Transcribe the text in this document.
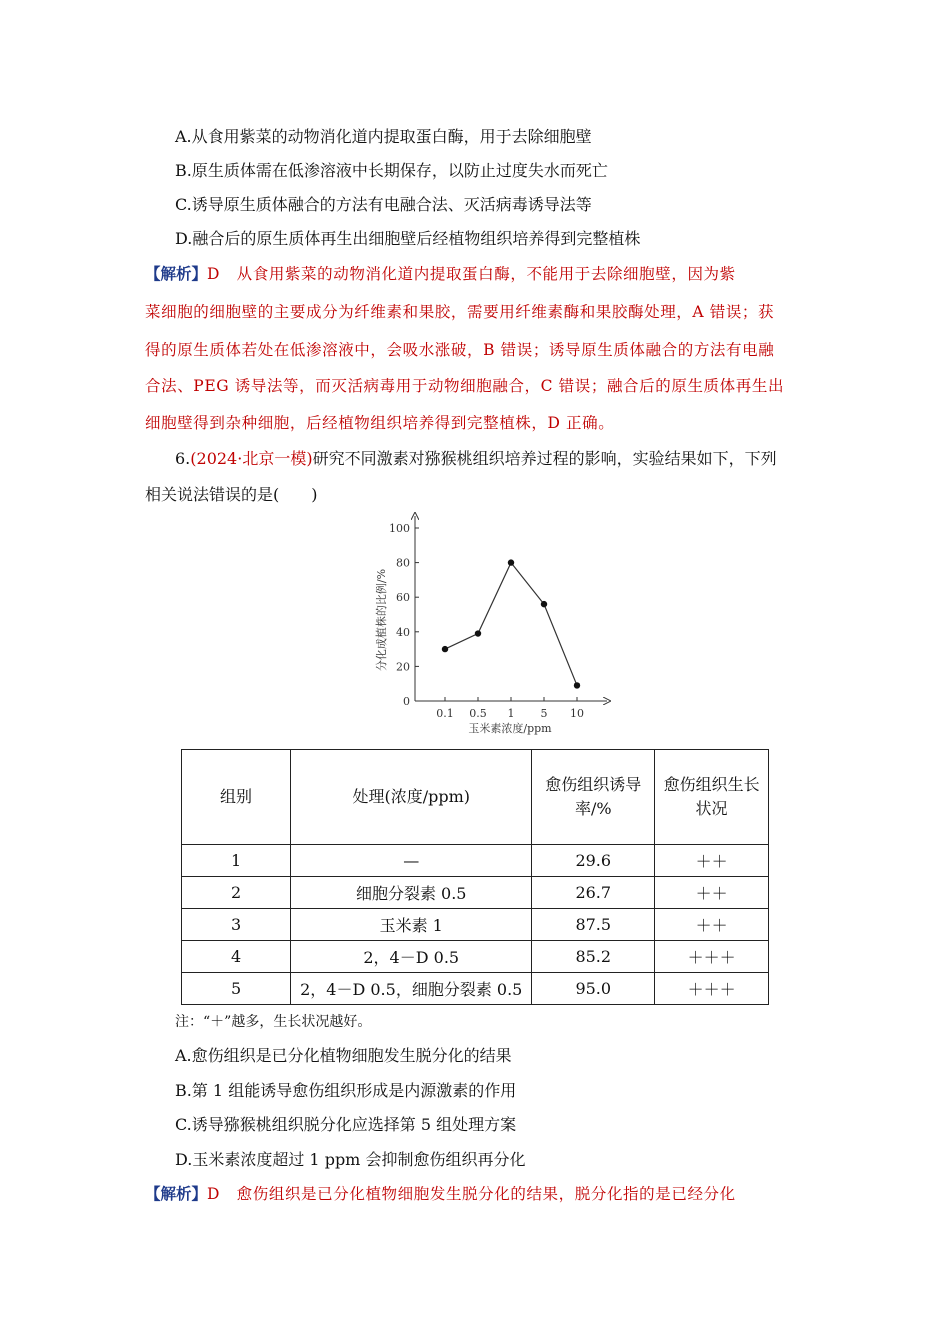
A.从食用紫菜的动物消化道内提取蛋白酶，用于去除细胞壁
B.原生质体需在低渗溶液中长期保存，以防止过度失水而死亡
C.诱导原生质体融合的方法有电融合法、灭活病毒诱导法等
D.融合后的原生质体再生出细胞壁后经植物组织培养得到完整植株
【解析】D 从食用紫菜的动物消化道内提取蛋白酶，不能用于去除细胞壁，因为紫
菜细胞的细胞壁的主要成分为纤维素和果胶，需要用纤维素酶和果胶酶处理，A 错误；获
得的原生质体若处在低渗溶液中，会吸水涨破，B 错误；诱导原生质体融合的方法有电融
合法、PEG 诱导法等，而灭活病毒用于动物细胞融合，C 错误；融合后的原生质体再生出
细胞壁得到杂种细胞，后经植物组织培养得到完整植株，D 正确。
6.(2024·北京一模)研究不同激素对猕猴桃组织培养过程的影响，实验结果如下，下列
相关说法错误的是(　　)
分化成植株的比例/%
玉米素浓度/ppm
0
20
40
60
80
100
0.1 0.5 1 5 10
组别	处理(浓度/ppm)	愈伤组织诱导率/%	愈伤组织生长状况

1	—	29.6	＋＋
2	细胞分裂素 0.5	26.7	＋＋
3	玉米素 1	87.5	＋＋
4	2，4－D 0.5	85.2	＋＋＋
5	2，4－D 0.5，细胞分裂素 0.5	95.0	＋＋＋
注：“＋”越多，生长状况越好。
A.愈伤组织是已分化植物细胞发生脱分化的结果
B.第 1 组能诱导愈伤组织形成是内源激素的作用
C.诱导猕猴桃组织脱分化应选择第 5 组处理方案
D.玉米素浓度超过 1 ppm 会抑制愈伤组织再分化
【解析】D 愈伤组织是已分化植物细胞发生脱分化的结果，脱分化指的是已经分化
